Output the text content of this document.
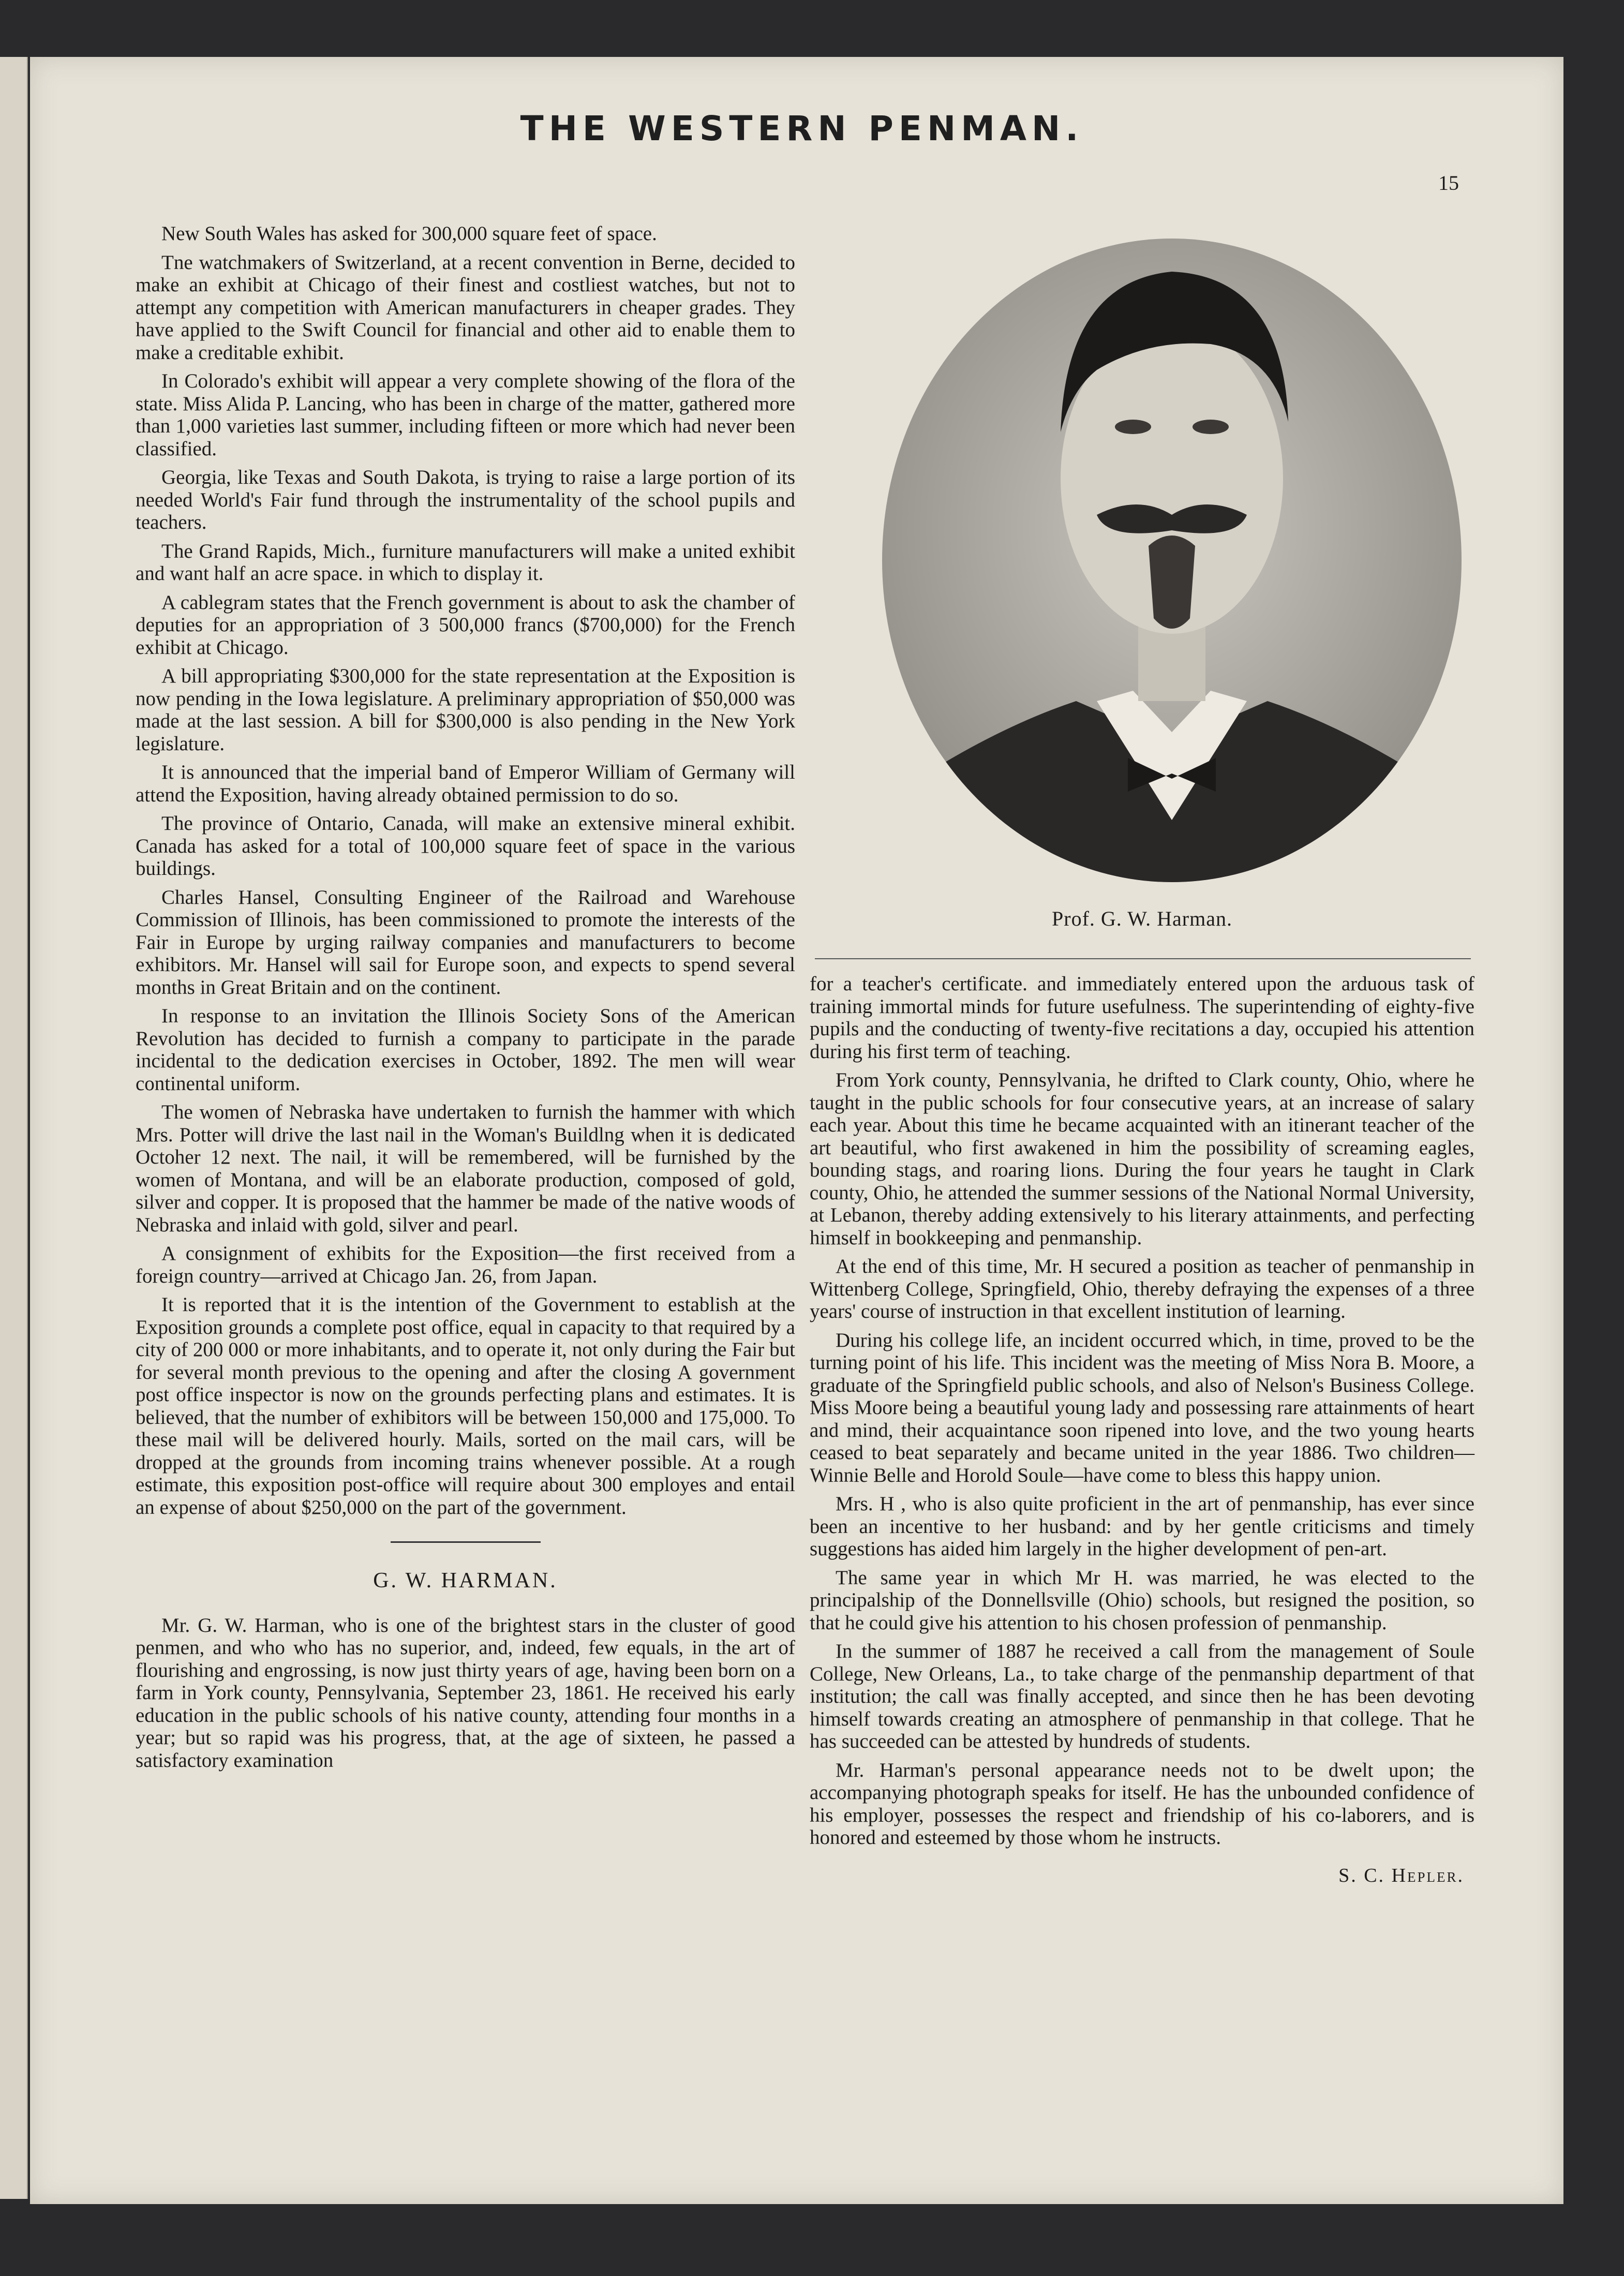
THE WESTERN PENMAN.
15

New South Wales has asked for 300,000 square feet of space.

Tne watchmakers of Switzerland, at a recent convention in Berne, decided to make an exhibit at Chicago of their finest and costliest watches, but not to attempt any competition with American manufacturers in cheaper grades. They have applied to the Swift Council for financial and other aid to enable them to make a creditable exhibit.

In Colorado's exhibit will appear a very complete showing of the flora of the state. Miss Alida P. Lancing, who has been in charge of the matter, gathered more than 1,000 varieties last summer, including fifteen or more which had never been classified.

Georgia, like Texas and South Dakota, is trying to raise a large portion of its needed World's Fair fund through the instrumentality of the school pupils and teachers.

The Grand Rapids, Mich., furniture manufacturers will make a united exhibit and want half an acre space. in which to display it.

A cablegram states that the French government is about to ask the chamber of deputies for an appropriation of 3 500,000 francs ($700,000) for the French exhibit at Chicago.

A bill appropriating $300,000 for the state representation at the Exposition is now pending in the Iowa legislature. A preliminary appropriation of $50,000 was made at the last session. A bill for $300,000 is also pending in the New York legislature.

It is announced that the imperial band of Emperor William of Germany will attend the Exposition, having already obtained permission to do so.

The province of Ontario, Canada, will make an extensive mineral exhibit. Canada has asked for a total of 100,000 square feet of space in the various buildings.

Charles Hansel, Consulting Engineer of the Railroad and Warehouse Commission of Illinois, has been commissioned to promote the interests of the Fair in Europe by urging railway companies and manufacturers to become exhibitors. Mr. Hansel will sail for Europe soon, and expects to spend several months in Great Britain and on the continent.

In response to an invitation the Illinois Society Sons of the American Revolution has decided to furnish a company to participate in the parade incidental to the dedication exercises in October, 1892. The men will wear continental uniform.

The women of Nebraska have undertaken to furnish the hammer with which Mrs. Potter will drive the last nail in the Woman's Buildlng when it is dedicated Octoher 12 next. The nail, it will be remembered, will be furnished by the women of Montana, and will be an elaborate production, composed of gold, silver and copper. It is proposed that the hammer be made of the native woods of Nebraska and inlaid with gold, silver and pearl.

A consignment of exhibits for the Exposition—the first received from a foreign country—arrived at Chicago Jan. 26, from Japan.

It is reported that it is the intention of the Government to establish at the Exposition grounds a complete post office, equal in capacity to that required by a city of 200 000 or more inhabitants, and to operate it, not only during the Fair but for several month previous to the opening and after the closing A government post office inspector is now on the grounds perfecting plans and estimates. It is believed, that the number of exhibitors will be between 150,000 and 175,000. To these mail will be delivered hourly. Mails, sorted on the mail cars, will be dropped at the grounds from incoming trains whenever possible. At a rough estimate, this exposition post-office will require about 300 employes and entail an expense of about $250,000 on the part of the government.

G. W. HARMAN.

Mr. G. W. Harman, who is one of the brightest stars in the cluster of good penmen, and who who has no superior, and, indeed, few equals, in the art of flourishing and engrossing, is now just thirty years of age, having been born on a farm in York county, Pennsylvania, September 23, 1861. He received his early education in the public schools of his native county, attending four months in a year; but so rapid was his progress, that, at the age of sixteen, he passed a satisfactory examination

Prof. G. W. Harman.

for a teacher's certificate. and immediately entered upon the arduous task of training immortal minds for future usefulness. The superintending of eighty-five pupils and the conducting of twenty-five recitations a day, occupied his attention during his first term of teaching.

From York county, Pennsylvania, he drifted to Clark county, Ohio, where he taught in the public schools for four consecutive years, at an increase of salary each year. About this time he became acquainted with an itinerant teacher of the art beautiful, who first awakened in him the possibility of screaming eagles, bounding stags, and roaring lions. During the four years he taught in Clark county, Ohio, he attended the summer sessions of the National Normal University, at Lebanon, thereby adding extensively to his literary attainments, and perfecting himself in bookkeeping and penmanship.

At the end of this time, Mr. H secured a position as teacher of penmanship in Wittenberg College, Springfield, Ohio, thereby defraying the expenses of a three years' course of instruction in that excellent institution of learning.

During his college life, an incident occurred which, in time, proved to be the turning point of his life. This incident was the meeting of Miss Nora B. Moore, a graduate of the Springfield public schools, and also of Nelson's Business College. Miss Moore being a beautiful young lady and possessing rare attainments of heart and mind, their acquaintance soon ripened into love, and the two young hearts ceased to beat separately and became united in the year 1886. Two children—Winnie Belle and Horold Soule—have come to bless this happy union.

Mrs. H , who is also quite proficient in the art of penmanship, has ever since been an incentive to her husband: and by her gentle criticisms and timely suggestions has aided him largely in the higher development of pen-art.

The same year in which Mr H. was married, he was elected to the principalship of the Donnellsville (Ohio) schools, but resigned the position, so that he could give his attention to his chosen profession of penmanship.

In the summer of 1887 he received a call from the management of Soule College, New Orleans, La., to take charge of the penmanship department of that institution; the call was finally accepted, and since then he has been devoting himself towards creating an atmosphere of penmanship in that college. That he has succeeded can be attested by hundreds of students.

Mr. Harman's personal appearance needs not to be dwelt upon; the accompanying photograph speaks for itself. He has the unbounded confidence of his employer, possesses the respect and friendship of his co-laborers, and is honored and esteemed by those whom he instructs.

S. C. Hepler.
